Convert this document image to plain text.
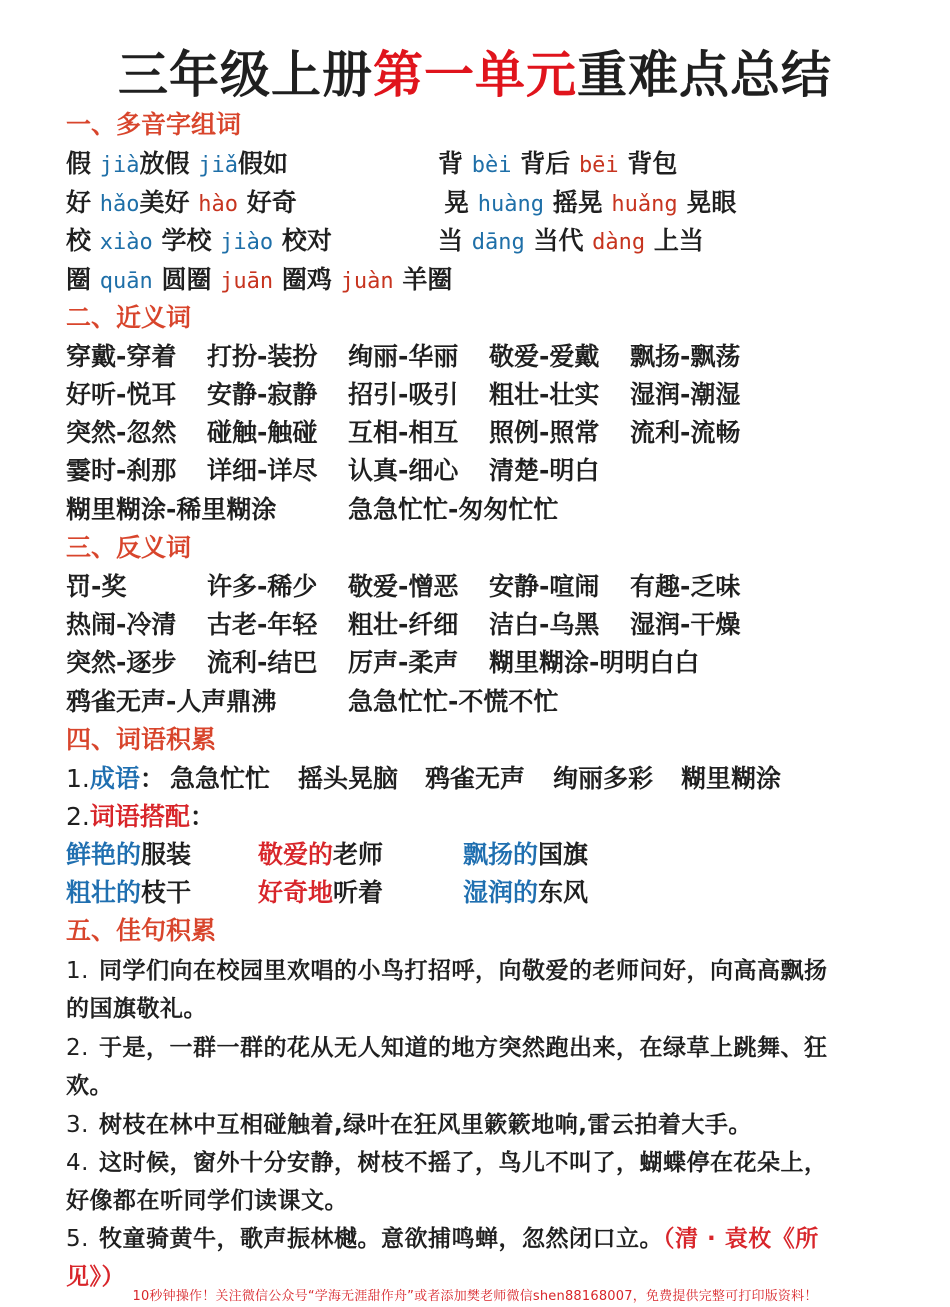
三年级上册第一单元重难点总结
一、多音字组词
假 jià放假 jiǎ假如	背 bèi 背后 bēi 背包
好 hǎo美好 hào 好奇	晃 huàng 摇晃 huǎng 晃眼
校 xiào 学校 jiào 校对	当 dāng 当代 dàng 上当
圈 quān 圆圈 juān 圈鸡 juàn 羊圈
二、近义词
穿戴-穿着 打扮-装扮 绚丽-华丽 敬爱-爱戴 飘扬-飘荡
好听-悦耳 安静-寂静 招引-吸引 粗壮-壮实 湿润-潮湿
突然-忽然 碰触-触碰 互相-相互 照例-照常 流利-流畅
霎时-刹那 详细-详尽 认真-细心 清楚-明白
糊里糊涂-稀里糊涂	急急忙忙-匆匆忙忙
三、反义词
罚-奖	许多-稀少 敬爱-憎恶 安静-喧闹 有趣-乏味
热闹-冷清 古老-年轻 粗壮-纤细 洁白-乌黑 湿润-干燥
突然-逐步 流利-结巴 厉声-柔声 糊里糊涂-明明白白
鸦雀无声-人声鼎沸	急急忙忙-不慌不忙
四、词语积累
1.成语： 急急忙忙 摇头晃脑 鸦雀无声 绚丽多彩 糊里糊涂
2.词语搭配：
鲜艳的服装	敬爱的老师	飘扬的国旗
粗壮的枝干	好奇地听着	湿润的东风
五、佳句积累
1. 同学们向在校园里欢唱的小鸟打招呼，向敬爱的老师问好，向高高飘扬的国旗敬礼。
2. 于是，一群一群的花从无人知道的地方突然跑出来，在绿草上跳舞、狂欢。
3. 树枝在林中互相碰触着,绿叶在狂风里簌簌地响,雷云拍着大手。
4. 这时候，窗外十分安静，树枝不摇了，鸟儿不叫了，蝴蝶停在花朵上，好像都在听同学们读课文。
5. 牧童骑黄牛，歌声振林樾。意欲捕鸣蝉，忽然闭口立。（清 · 袁枚《所见》）
10秒钟操作！关注微信公众号“学海无涯甜作舟”或者添加樊老师微信shen88168007，免费提供完整可打印版资料！
